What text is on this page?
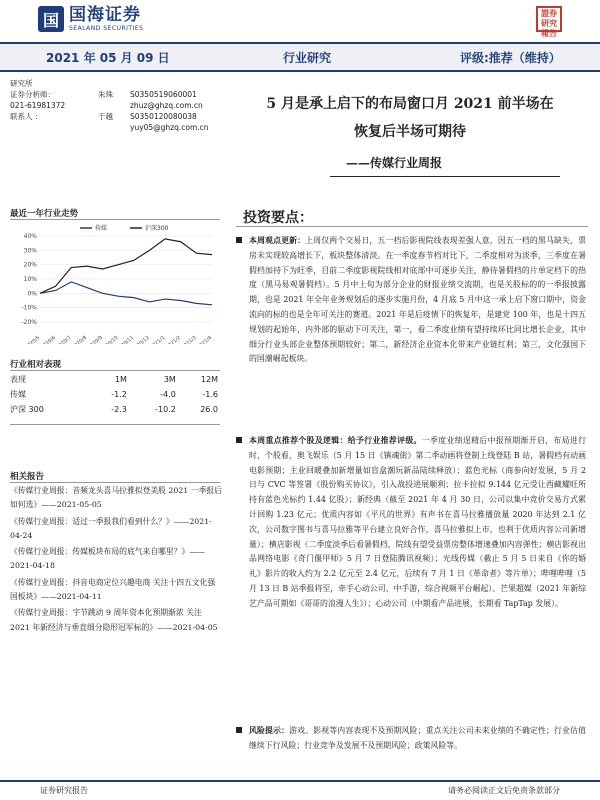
国 国海证券
SEALAND SECURITIES
證券研究報告
2021 年 05 月 09 日	行业研究	评级:推荐（维持）
研究所
证券分析师：	朱珠	S0350519060001
021-61981372	zhuz@ghzq.com.cn
联系人 ：	于越	S0350120080038
yuy05@ghzq.com.cn
5 月是承上启下的布局窗口月 2021 前半场在
恢复后半场可期待
——传媒行业周报
最近一年行业走势
40%
30%
20%
10%
0%
-10%
-20%
2020/5
2020/6
2020/7
2020/8
2020/9
2020/10
2020/11
2020/12
2021/1
2021/2
2021/3
2021/4
传媒	沪深300
行业相对表现
表现	1M	3M	12M
传媒	-1.2	-4.0	-1.6
沪深 300	-2.3	-10.2	26.0
相关报告
《传媒行业周报：音频龙头喜马拉雅拟登美股 2021 一季报后如何选》——2021-05-05
《传媒行业周报：适过一季报我们看到什么？》——2021-04-24
《传媒行业周报：传媒板块布局的底气来自哪里？》——2021-04-18
《传媒行业周报：抖音电商定位兴趣电商 关注十四五文化强国板块》——2021-04-11
《传媒行业周报：宇节跳动 9 周年资本化预期渐浓 关注 2021 年新经济与垂直细分隐形冠军标的》——2021-04-05
投资要点：
本周观点更新：上周仅两个交易日，五一档后影视院线表现差强人意，因五一档的黑马缺失，票房未实现较高增长下，板块整体清淡。在一季度春节档对比下，二季度相对为淡季，三季度在暑假档加持下为旺季，目前二季度影视院线相对底部中可逐步关注，静待暑假档的片单定档下的热度（黑马易观暑假档）。5 月中上旬为部分企业的财报业绩交流期，也是关股标的的一季报披露期，也是 2021 年全年业务规划后的逐步实施月份，4 月底 5 月中这一承上启下窗口期中，资金流向的标的也是全年可关注的赛道。2021 年是后疫情下的恢复年，是建党 100 年，也是十四五规划的起始年，内外部的驱动下可关注，第一，看二季度业绩有望持续环比同比增长企业，其中细分行业头部企业整体预期较好；第二，新经济企业资本化带来产业链红利；第三，文化强国下的国潮崛起板块。
本周重点推荐个股及逻辑：给予行业推荐评级。一季度业绩逞精后中报预期渐开启，布局进行时，个股看，奥飞娱乐（5 月 15 日《镇魂街》第二季动画将登制上线登陆 B 站，暑假档有动画电影预期；主业回暖叠加新增量如盲盒潮玩新品陆续释放）；蓝色光标（商参向好发展，5 月 2 日与 CVC 等签署《股份购买协议》，引入战投进展顺利；拉卡拉拟 9.144 亿元受让西藏耀旺所持有蓝色光标约 1.44 亿股）；新经典（截至 2021 年 4 月 30 日，公司以集中竞价交易方式累计回购 1.23 亿元；优质内容如《平凡的世界》有声书在喜马拉雅播放量 2020 年达到 2.1 亿次，公司数字图书与喜马拉雅等平台建立良好合作，喜马拉雅拟上市，也利于优质内容公司新增量）；横店影视（二季度淡季后看暑假档，院线有望受益票房整体增速叠加内容弹性；横店影视出品网络电影《奇门偃甲师》5 月 7 日登陆腾讯视频）；光线传媒（截止 5 月 5 日来自《你的婚礼》影片的收入约为 2.2 亿元至 2.4 亿元，后续有 7 月 1 日《革命者》等片单）；哔哩哔哩（5 月 13 日 B 站季报将至，牵手心动公司、中手游，综合视频平台崛起）、芒果超媒（2021 年新综艺产品可期如《哥哥的浪漫人生》）；心动公司（中期看产品进展，长期看 TapTap 发展）。
风险提示：游戏、影视等内容表现不及预期风险；重点关注公司未来业绩的不确定性；行业估值继续下行风险；行业竞争及发展不及预期风险；政策风险等。
证券研究报告	请务必阅读正文后免责条款部分
